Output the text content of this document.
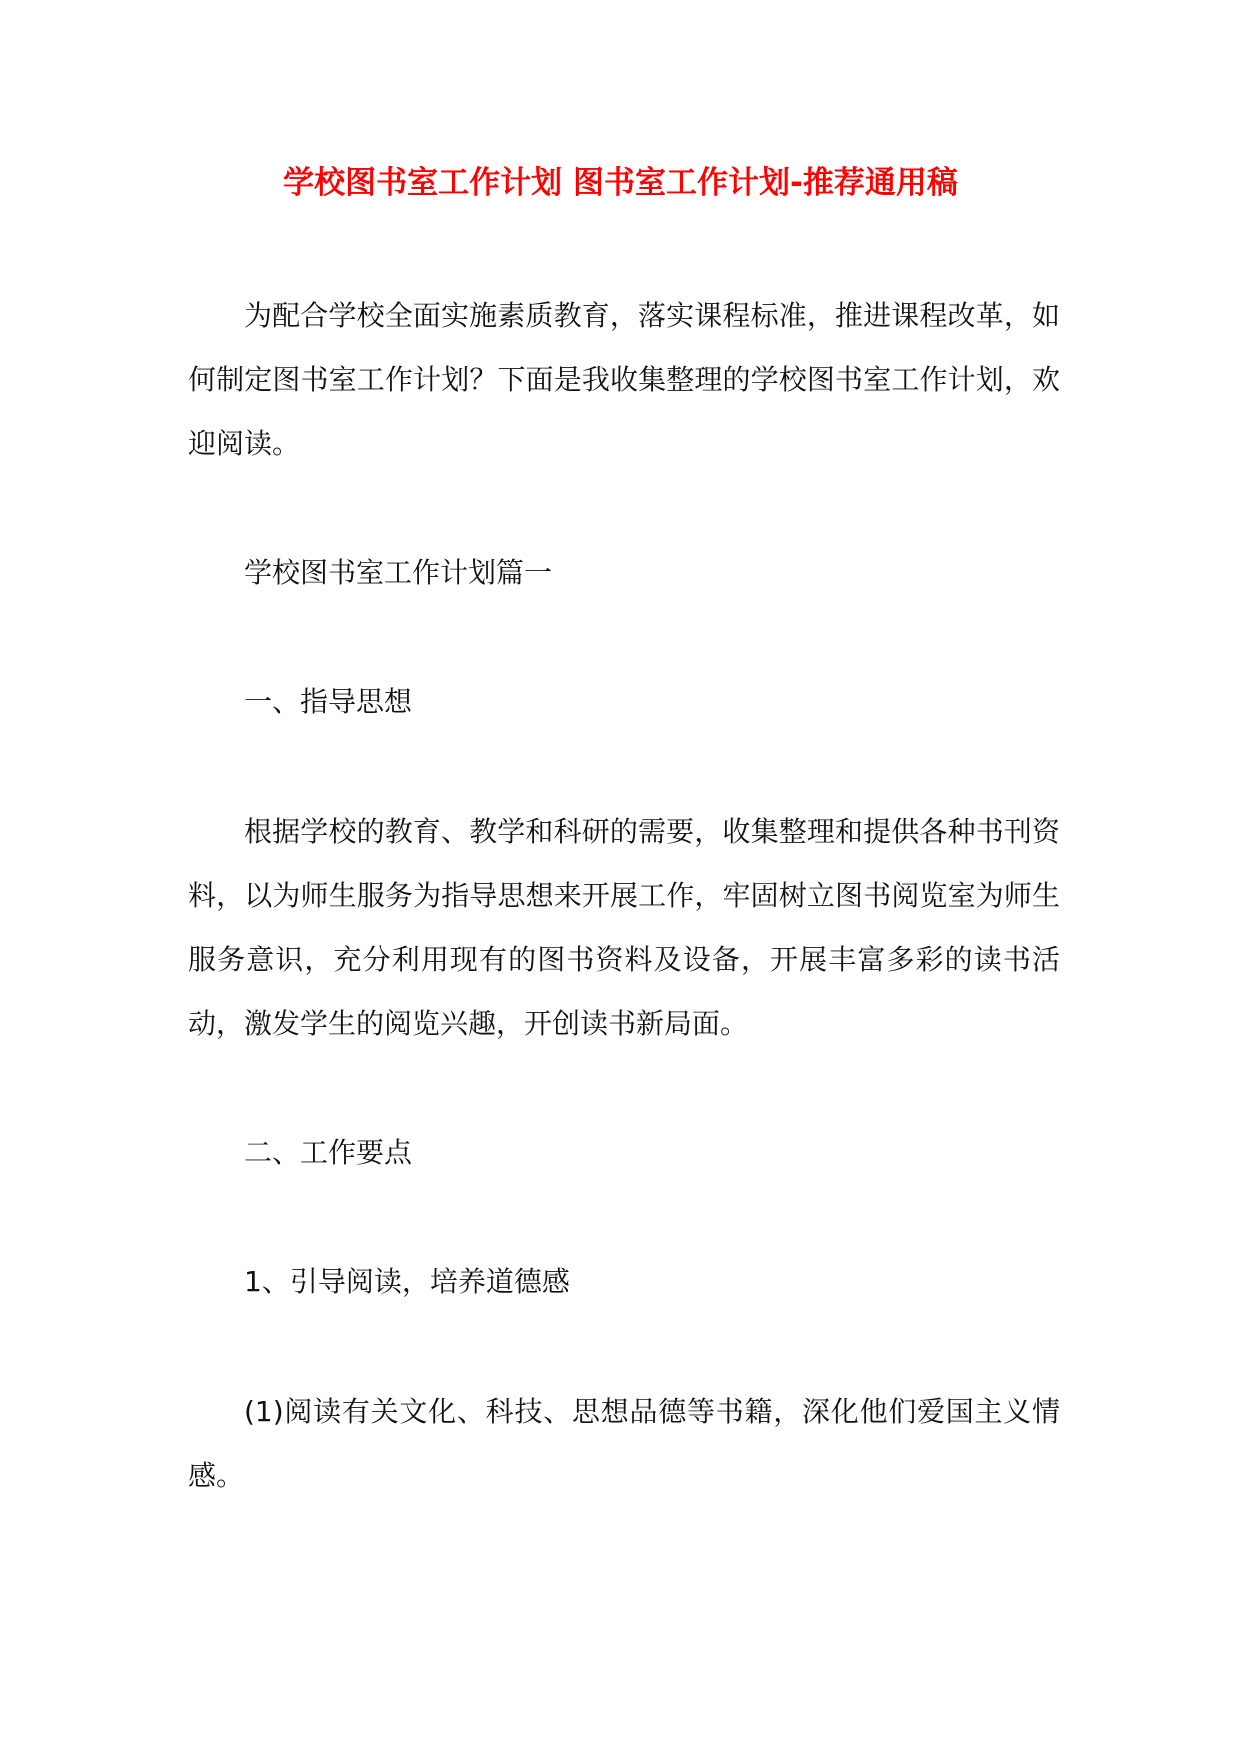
学校图书室工作计划 图书室工作计划-推荐通用稿

为配合学校全面实施素质教育，落实课程标准，推进课程改革，如何制定图书室工作计划？下面是我收集整理的学校图书室工作计划，欢迎阅读。

学校图书室工作计划篇一

一、指导思想

根据学校的教育、教学和科研的需要，收集整理和提供各种书刊资料，以为师生服务为指导思想来开展工作，牢固树立图书阅览室为师生服务意识，充分利用现有的图书资料及设备，开展丰富多彩的读书活动，激发学生的阅览兴趣，开创读书新局面。

二、工作要点

1、引导阅读，培养道德感

(1)阅读有关文化、科技、思想品德等书籍，深化他们爱国主义情感。
